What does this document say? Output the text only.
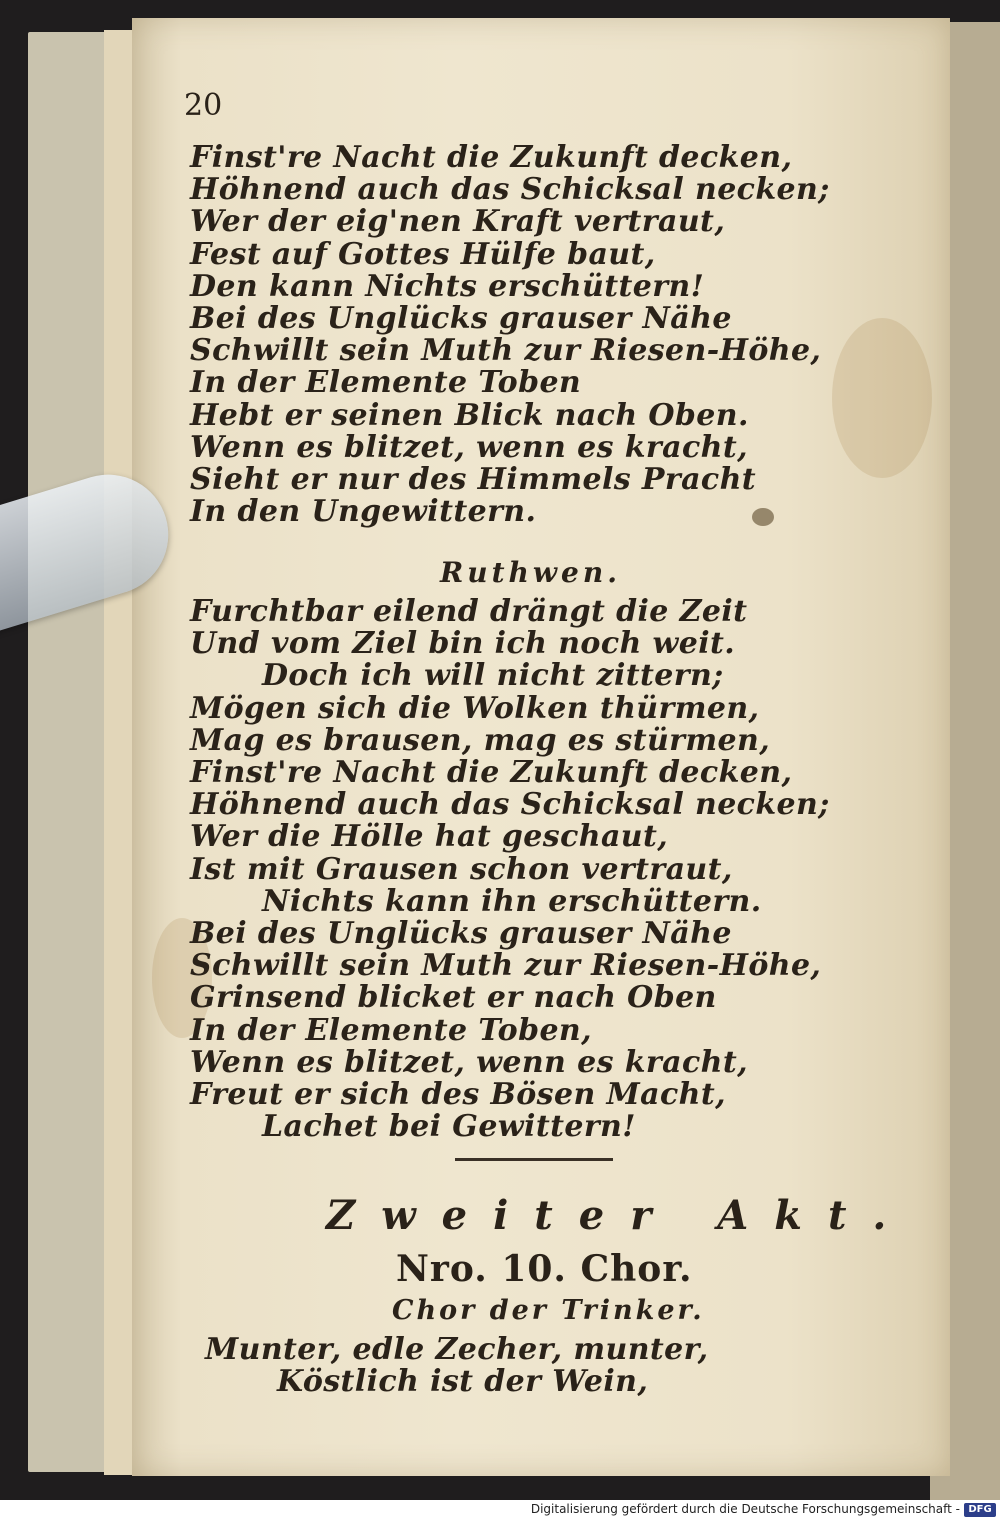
20
Finst're Nacht die Zukunft decken,
Höhnend auch das Schicksal necken;
Wer der eig'nen Kraft vertraut,
Fest auf Gottes Hülfe baut,
Den kann Nichts erschüttern!
Bei des Unglücks grauser Nähe
Schwillt sein Muth zur Riesen-Höhe,
In der Elemente Toben
Hebt er seinen Blick nach Oben.
Wenn es blitzet, wenn es kracht,
Sieht er nur des Himmels Pracht
In den Ungewittern.
Ruthwen.
Furchtbar eilend drängt die Zeit
Und vom Ziel bin ich noch weit.
Doch ich will nicht zittern;
Mögen sich die Wolken thürmen,
Mag es brausen, mag es stürmen,
Finst're Nacht die Zukunft decken,
Höhnend auch das Schicksal necken;
Wer die Hölle hat geschaut,
Ist mit Grausen schon vertraut,
Nichts kann ihn erschüttern.
Bei des Unglücks grauser Nähe
Schwillt sein Muth zur Riesen-Höhe,
Grinsend blicket er nach Oben
In der Elemente Toben,
Wenn es blitzet, wenn es kracht,
Freut er sich des Bösen Macht,
Lachet bei Gewittern!
Zweiter Akt.
Nro. 10. Chor.
Chor der Trinker.
Munter, edle Zecher, munter,
Köstlich ist der Wein,
Digitalisierung gefördert durch die Deutsche Forschungsgemeinschaft - DFG
